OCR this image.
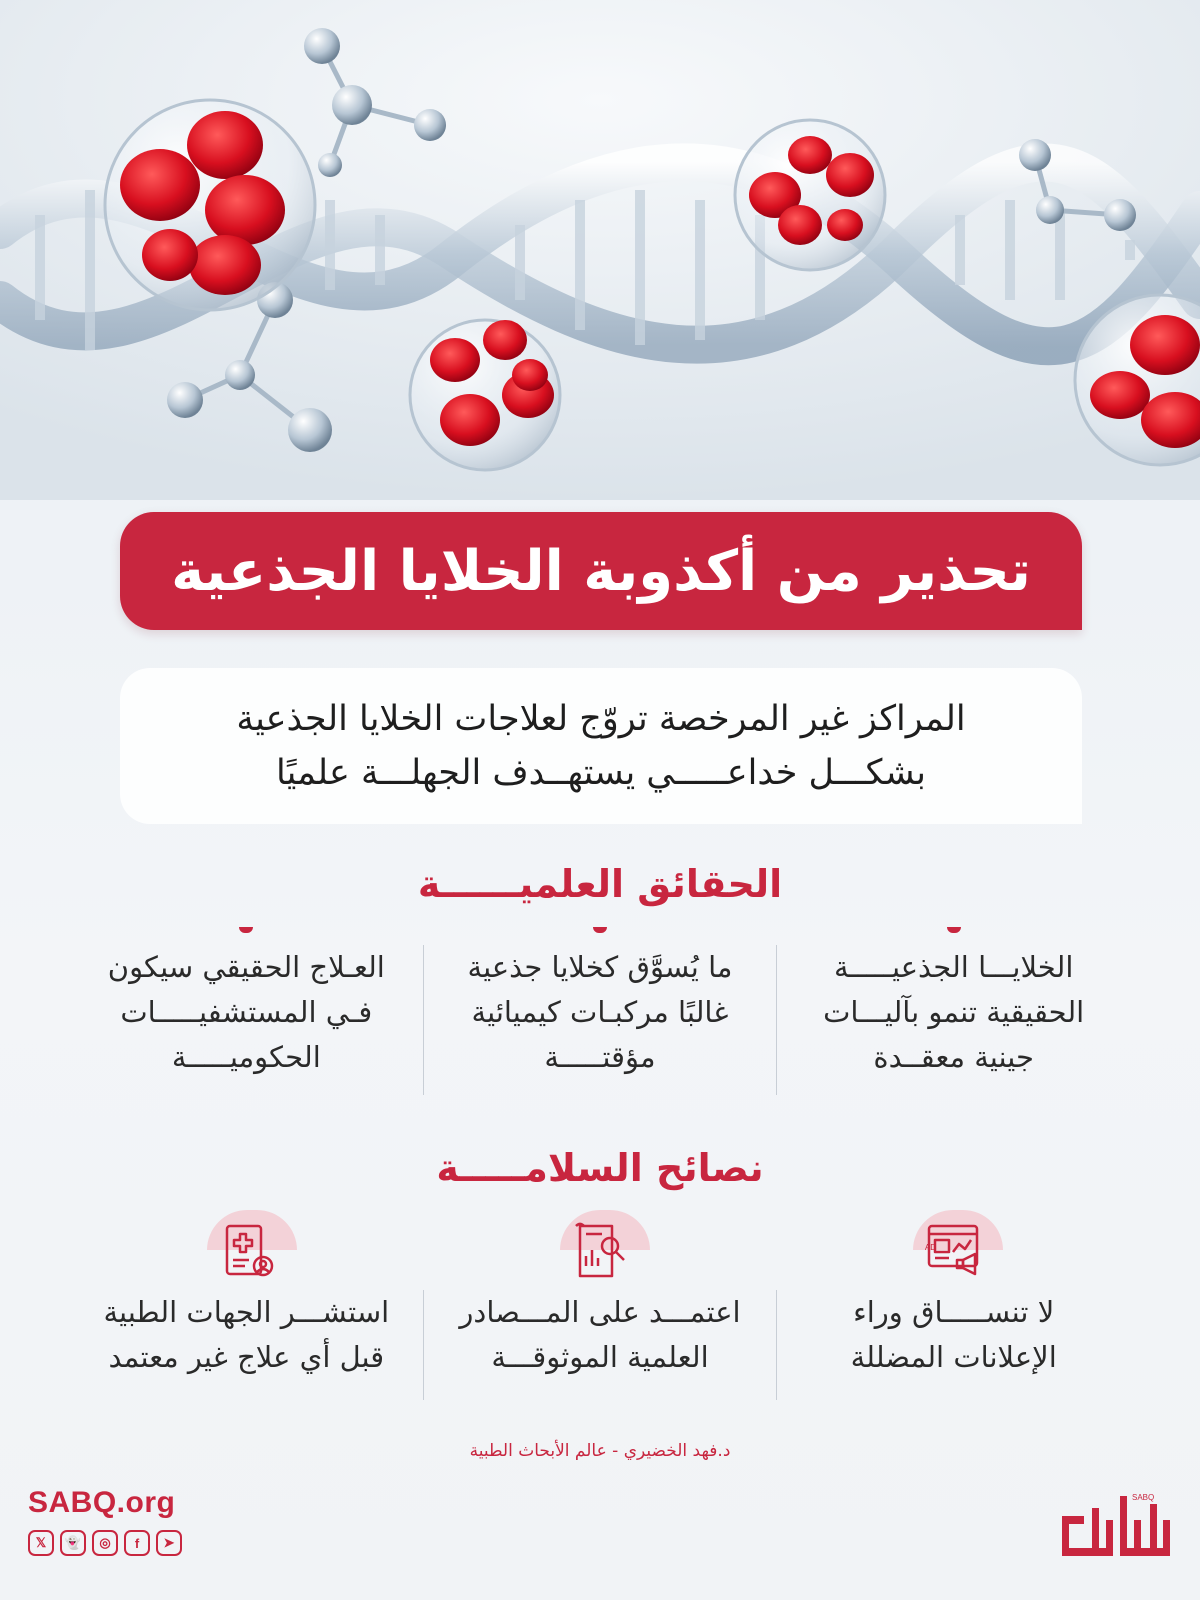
تحذير من أكذوبة الخلايا الجذعية

المراكز غير المرخصة تروّج لعلاجات الخلايا الجذعية

بشكـــل خداعـــــي يستهــدف الجهلـــة علميًا

الحقائق العلميــــــة
الخلايـــا الجذعيـــــة
الحقيقية تنمو بآليـــات
جينية معقــدة
ما يُسوَّق كخلايا جذعية
غالبًا مركبـات كيميائية
مؤقتـــــة
العـلاج الحقيقي سيكون
فـي المستشفيـــــات
الحكوميـــــة
نصائح السلامـــــة
AD
لا تنســـــاق وراء
الإعلانات المضللة
اعتمـــد على المـــصادر
العلمية الموثوقـــة
استشـــر الجهات الطبية
قبل أي علاج غير معتمد
د.فهد الخضيري - عالم الأبحاث الطبية
SABQ.org
𝕏	👻	◎	f	➤
SABQ
